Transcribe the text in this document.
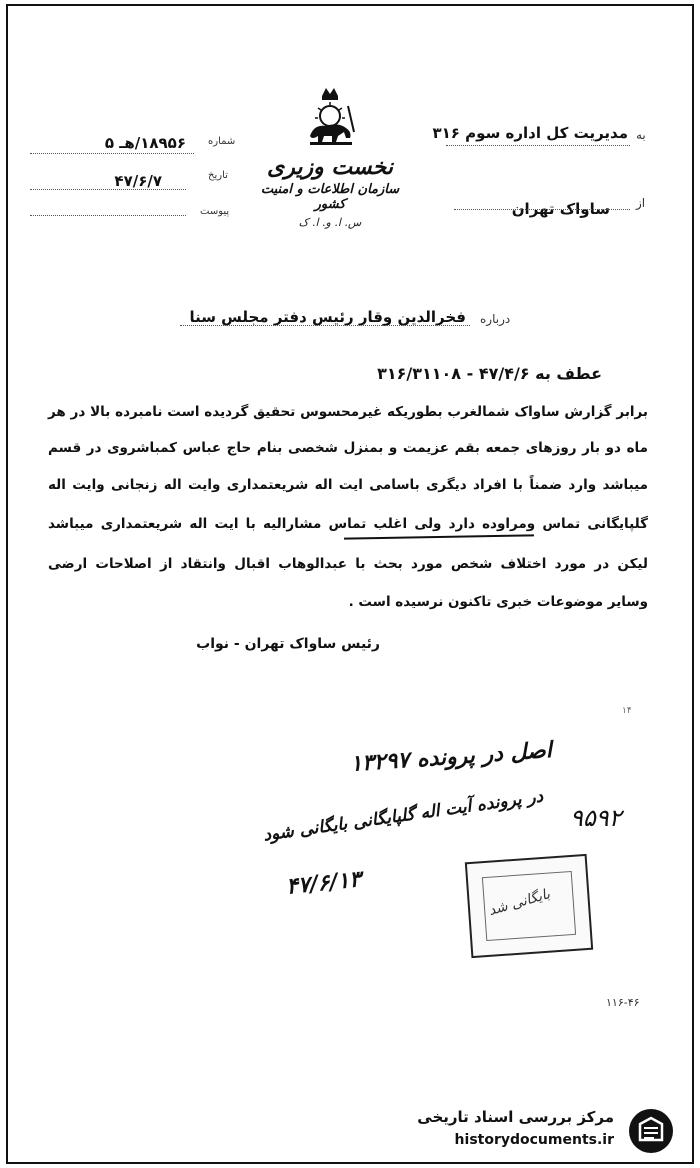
به
مدیریت کل اداره سوم ۳۱۶
از
ساواک تهران
شماره
۱۸۹۵۶/هـ ۵
تاریخ
۴۷/۶/۷
پیوست
نخست وزیری
سازمان اطلاعات و امنیت کشور
س. ا. و. ا. ک
درباره
فخرالدین وقار رئیس دفتر مجلس سنا
عطف به ۴۷/۴/۶ - ۳۱۶/۳۱۱۰۸
برابر گزارش ساواک شمالغرب بطوریکه غیرمحسوس تحقیق گردیده است نامبرده بالا در هر
ماه دو بار روزهای جمعه بقم عزیمت و بمنزل شخصی بنام حاج عباس کمباشروی در قسم
میباشد وارد ضمناً با افراد دیگری باسامی ایت اله شریعتمداری وایت اله زنجانی وایت اله
گلپایگانی تماس ومراوده دارد ولی اغلب تماس مشارالیه با ایت اله شریعتمداری میباشد
لیکن در مورد اختلاف شخص مورد بحث با عبدالوهاب اقبال وانتقاد از اصلاحات ارضی
وسایر موضوعات خبری تاکنون نرسیده است .
رئیس ساواک تهران - نواب
۱۴
اصل در پرونده ۱۳۲۹۷
در پرونده آیت اله گلپایگانی بایگانی شود ۹۵۹۲
۴۷/۶/۱۳
بایگانی شد
۱۱۶-۴۶
مرکز بررسی اسناد تاریخی
historydocuments.ir
